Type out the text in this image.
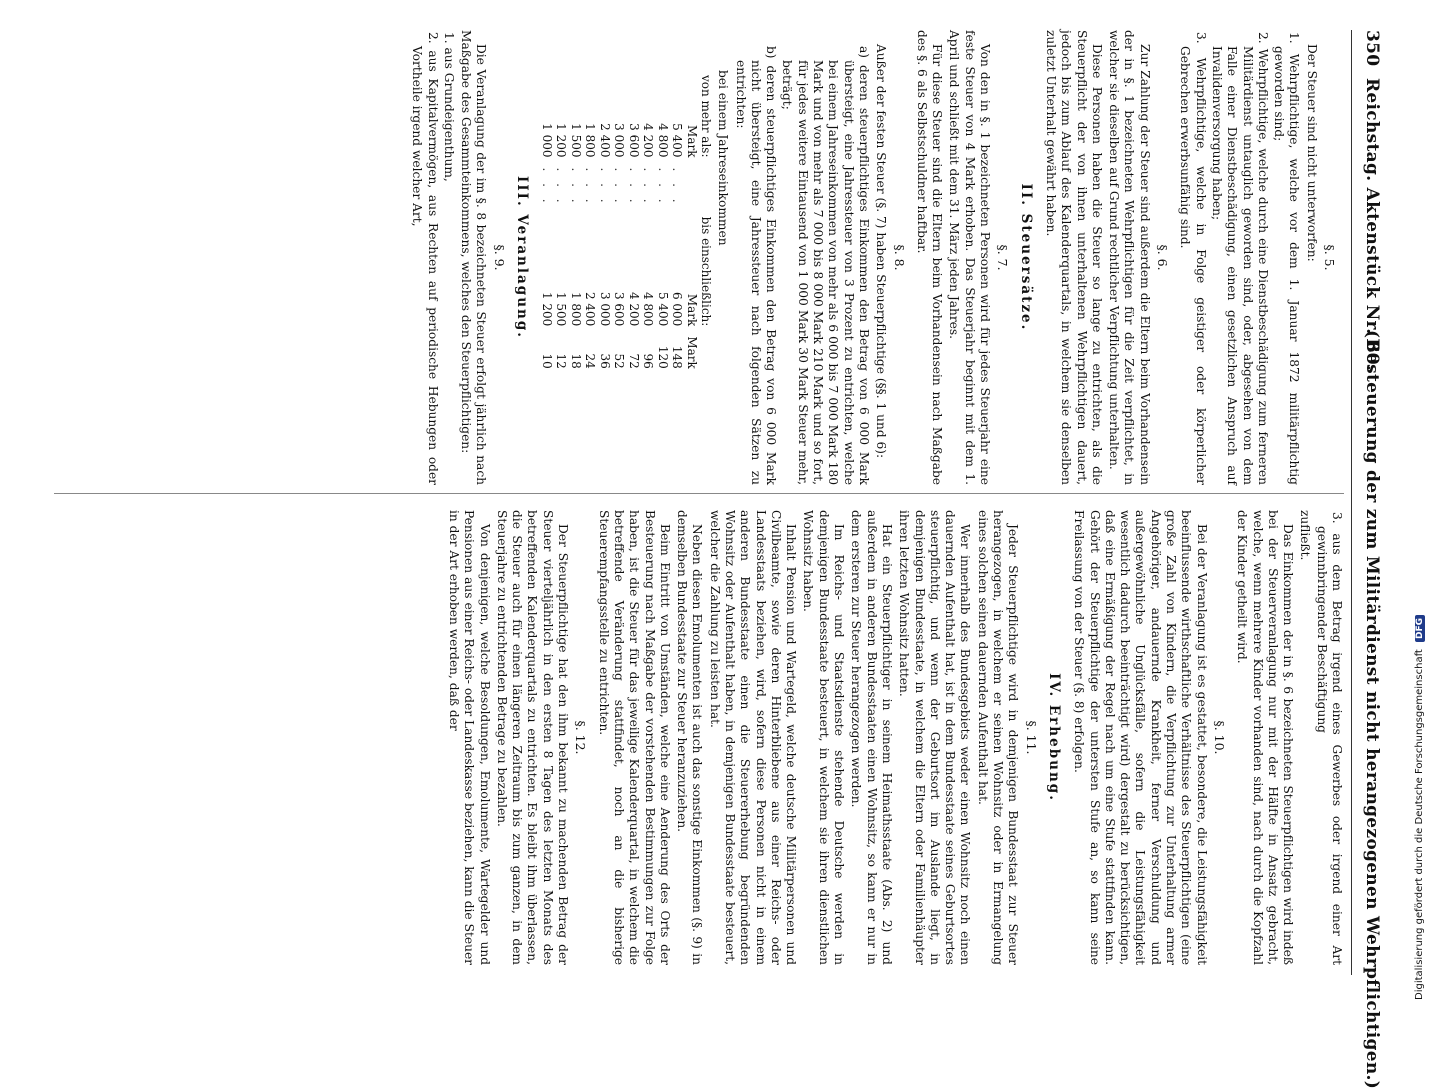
350
Reichstag. Aktenstück Nr. 60.
(Besteuerung der zum Militärdienst nicht herangezogenen Wehrpflichtigen.)
§. 5.

Der Steuer sind nicht unterworfen:

1. Wehrpflichtige, welche vor dem 1. Januar 1872 militärpflichtig geworden sind;

2. Wehrpflichtige, welche durch eine Dienstbeschädigung zum ferneren Militärdienst untauglich geworden sind, oder, abgesehen von dem Falle einer Dienstbeschädigung, einen gesetzlichen Anspruch auf Invalidenversorgung haben;

3. Wehrpflichtige, welche in Folge geistiger oder körperlicher Gebrechen erwerbsunfähig sind.

§. 6.

Zur Zahlung der Steuer sind außerdem die Eltern beim Vorhandensein der in §. 1 bezeichneten Wehrpflichtigen für die Zeit verpflichtet, in welcher sie dieselben auf Grund rechtlicher Verpflichtung unterhalten.

Diese Personen haben die Steuer so lange zu entrichten, als die Steuerpflicht der von ihnen unterhaltenen Wehrpflichtigen dauert, jedoch bis zum Ablauf des Kalenderquartals, in welchem sie denselben zuletzt Unterhalt gewährt haben.

II. Steuersätze.
§. 7.

Von den in §. 1 bezeichneten Personen wird für jedes Steuerjahr eine feste Steuer von 4 Mark erhoben. Das Steuerjahr beginnt mit dem 1. April und schließt mit dem 31. März jeden Jahres.

Für diese Steuer sind die Eltern beim Vorhandensein nach Maßgabe des §. 6 als Selbstschuldner haftbar.

§. 8.

Außer der festen Steuer (§. 7) haben Steuerpflichtige (§§. 1 und 6):

a) deren steuerpflichtiges Einkommen den Betrag von 6 000 Mark übersteigt, eine Jahressteuer von 3 Prozent zu entrichten, welche bei einem Jahreseinkommen von mehr als 6 000 bis 7 000 Mark 180 Mark und von mehr als 7 000 bis 8 000 Mark 210 Mark und so fort, für jedes weitere Eintausend von 1 000 Mark 30 Mark Steuer mehr, beträgt;

b) deren steuerpflichtiges Einkommen den Betrag von 6 000 Mark nicht übersteigt, eine Jahressteuer nach folgenden Sätzen zu entrichten:

bei einem Jahreseinkommen

von mehr als:		bis einschließlich:	
Mark		Mark	Mark
5 400	. . .	6 000	148
4 800	. . .	5 400	120
4 200	. . .	4 800	96
3 600	. . .	4 200	72
3 000	. . .	3 600	52
2 400	. . .	3 000	36
1 800	. . .	2 400	24
1 500	. . .	1 800	18
1 200	. . .	1 500	12
1 000	. . .	1 200	10
III. Veranlagung.
§. 9.

Die Veranlagung der im §. 8 bezeichneten Steuer erfolgt jährlich nach Maßgabe des Gesammteinkommens, welches den Steuerpflichtigen:

1. aus Grundeigenthum,

2. aus Kapitalvermögen, aus Rechten auf periodische Hebungen oder Vortheile irgend welcher Art,

3. aus dem Betrag irgend eines Gewerbes oder irgend einer Art gewinnbringender Beschäftigung

zufließt.

Das Einkommen der in §. 6 bezeichneten Steuerpflichtigen wird indeß bei der Steuerveranlagung nur mit der Hälfte in Ansatz gebracht, welche, wenn mehrere Kinder vorhanden sind, nach durch die Kopfzahl der Kinder getheilt wird.

§. 10.

Bei der Veranlagung ist es gestattet, besondere, die Leistungsfähigkeit beeinflussende wirthschaftliche Verhältnisse des Steuerpflichtigen (eine große Zahl von Kindern, die Verpflichtung zur Unterhaltung armer Angehöriger, andauernde Krankheit, ferner Verschuldung und außergewöhnliche Unglücksfälle, sofern die Leistungsfähigkeit wesentlich dadurch beeinträchtigt wird) dergestalt zu berücksichtigen, daß eine Ermäßigung der Regel nach um eine Stufe stattfinden kann. Gehört der Steuerpflichtige der untersten Stufe an, so kann seine Freilassung von der Steuer (§. 8) erfolgen.

IV. Erhebung.
§. 11.

Jeder Steuerpflichtige wird in demjenigen Bundesstaat zur Steuer herangezogen, in welchem er seinen Wohnsitz oder in Ermangelung eines solchen seinen dauernden Aufenthalt hat.

Wer innerhalb des Bundesgebiets weder einen Wohnsitz noch einen dauernden Aufenthalt hat, ist in dem Bundesstaate seines Geburtsortes steuerpflichtig, und wenn der Geburtsort im Auslande liegt, in demjenigen Bundesstaate, in welchem die Eltern oder Familienhäupter ihren letzten Wohnsitz hatten.

Hat ein Steuerpflichtiger in seinem Heimathsstaate (Abs. 2) und außerdem in anderen Bundesstaaten einen Wohnsitz, so kann er nur in dem ersteren zur Steuer herangezogen werden.

Im Reichs- und Staatsdienste stehende Deutsche werden in demjenigen Bundesstaate besteuert, in welchem sie ihren dienstlichen Wohnsitz haben.

Inhalt Pension und Wartegeld, welche deutsche Militärpersonen und Civilbeamte, sowie deren Hinterbliebene aus einer Reichs- oder Landesstaats beziehen, wird, sofern diese Personen nicht in einem anderen Bundesstaate einen die Steuererhebung begründenden Wohnsitz oder Aufenthalt haben, in demjenigen Bundesstaate besteuert, welcher die Zahlung zu leisten hat.

Neben diesen Emolumenten ist auch das sonstige Einkommen (§. 9) in demselben Bundesstaate zur Steuer heranzuziehen.

Beim Eintritt von Umständen, welche eine Aenderung des Orts der Besteuerung nach Maßgabe der vorstehenden Bestimmungen zur Folge haben, ist die Steuer für das jeweilige Kalenderquartal, in welchem die betreffende Veränderung stattfindet, noch an die bisherige Steuerempfangsstelle zu entrichten.

§. 12.

Der Steuerpflichtige hat den ihm bekannt zu machenden Betrag der Steuer vierteljährlich in den ersten 8 Tagen des letzten Monats des betreffenden Kalenderquartals zu entrichten. Es bleibt ihm überlassen, die Steuer auch für einen längeren Zeitraum bis zum ganzen, in dem Steuerjahre zu entrichtenden Betrage zu bezahlen.

Von denjenigen, welche Besoldungen, Emolumente, Wartegelder und Pensionen aus einer Reichs- oder Landeskasse beziehen, kann die Steuer in der Art erhoben werden, daß der

Digitalisierung gefördert durch die Deutsche Forschungsgemeinschaft DFG
